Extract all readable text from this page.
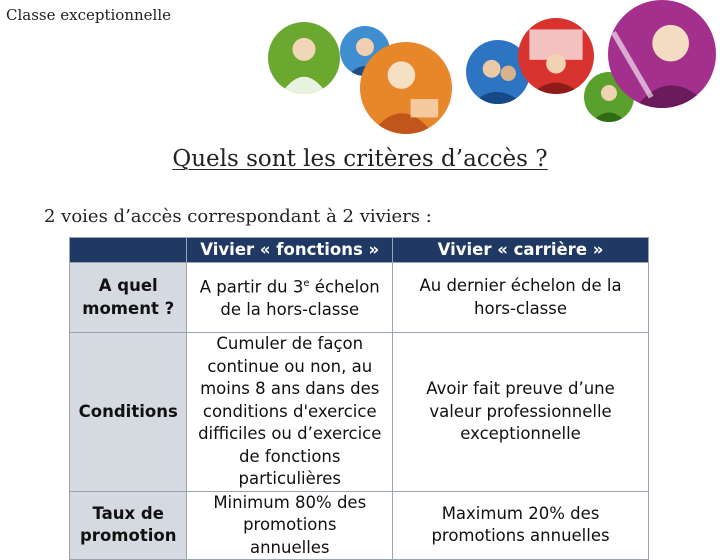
Classe exceptionnelle
Quels sont les critères d’accès ?
2 voies d’accès correspondant à 2 viviers :
	Vivier « fonctions »	Vivier « carrière »
A quel moment ?	A partir du 3e échelon de la hors-classe	Au dernier échelon de la hors-classe
Conditions	Cumuler de façon continue ou non, au moins 8 ans dans des conditions d'exercice difficiles ou d’exercice de fonctions particulières	Avoir fait preuve d’une valeur professionnelle exceptionnelle
Taux de promotion	Minimum 80% des promotions annuelles	Maximum 20% des promotions annuelles
